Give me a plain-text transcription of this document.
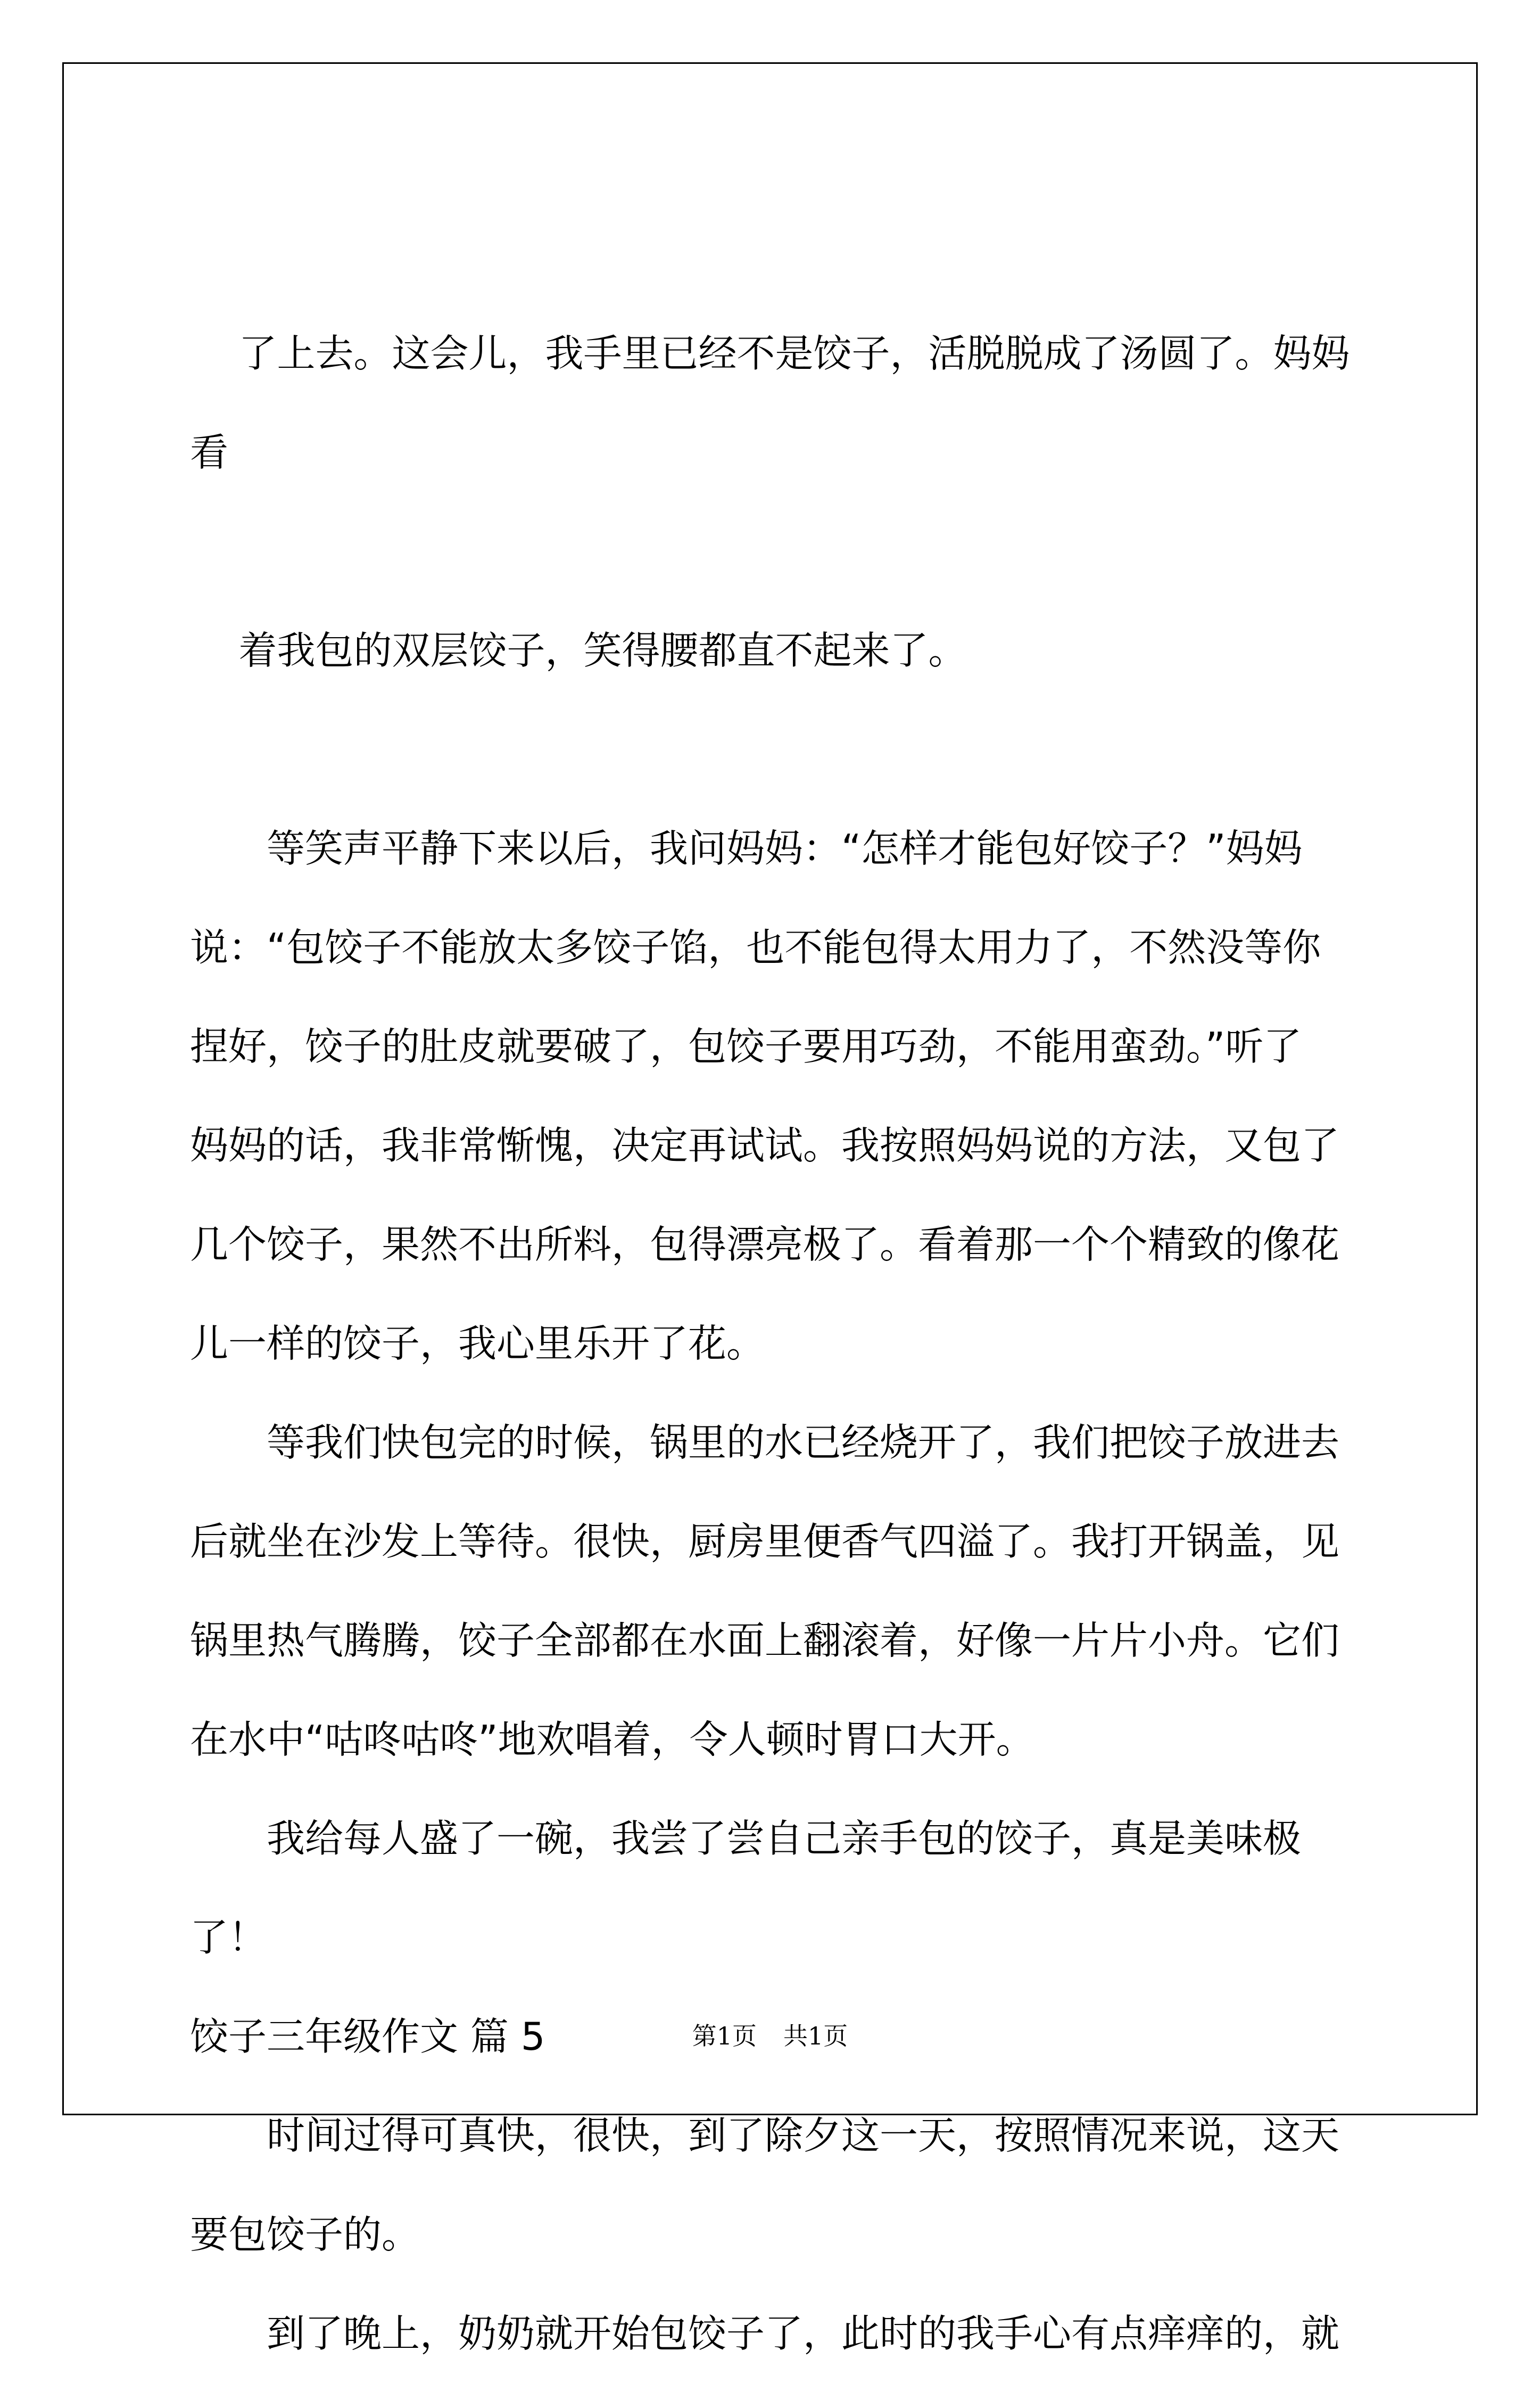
了上去。这会儿，我手里已经不是饺子，活脱脱成了汤圆了。妈妈看

着我包的双层饺子，笑得腰都直不起来了。

等笑声平静下来以后，我问妈妈：“怎样才能包好饺子？”妈妈
说：“包饺子不能放太多饺子馅，也不能包得太用力了，不然没等你
捏好，饺子的肚皮就要破了，包饺子要用巧劲，不能用蛮劲。”听了
妈妈的话，我非常惭愧，决定再试试。我按照妈妈说的方法，又包了
几个饺子，果然不出所料，包得漂亮极了。看着那一个个精致的像花
儿一样的饺子，我心里乐开了花。

等我们快包完的时候，锅里的水已经烧开了，我们把饺子放进去
后就坐在沙发上等待。很快，厨房里便香气四溢了。我打开锅盖，见
锅里热气腾腾，饺子全部都在水面上翻滚着，好像一片片小舟。它们
在水中“咕咚咕咚”地欢唱着，令人顿时胃口大开。

我给每人盛了一碗，我尝了尝自己亲手包的饺子，真是美味极了！

饺子三年级作文 篇 5

时间过得可真快，很快，到了除夕这一天，按照情况来说，这天
要包饺子的。

到了晚上，奶奶就开始包饺子了，此时的我手心有点痒痒的，就

第1页 共1页
